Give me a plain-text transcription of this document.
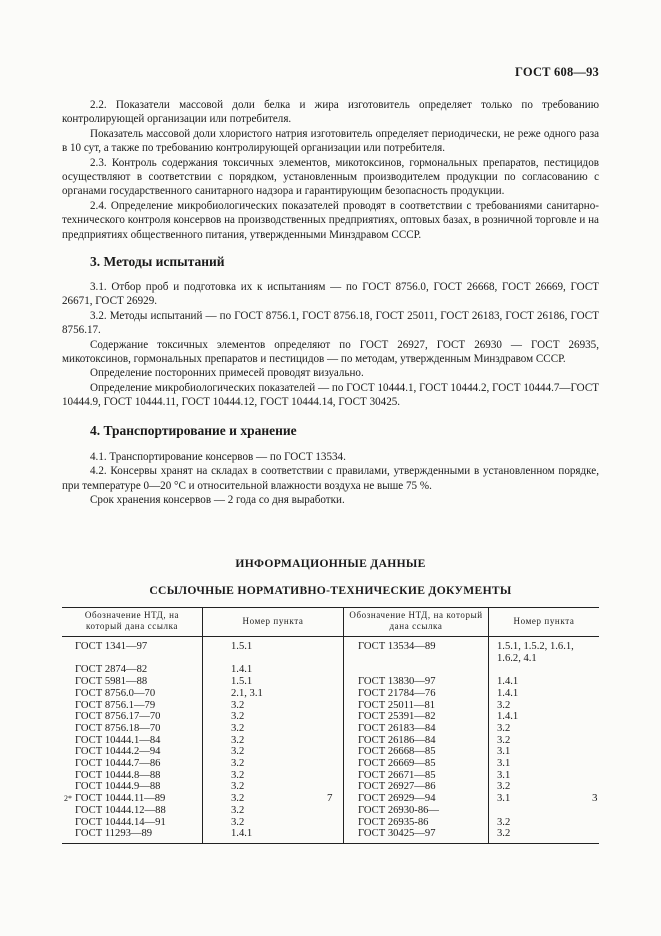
ГОСТ 608—93

2.2. Показатели массовой доли белка и жира изготовитель определяет только по требованию контролирующей организации или потребителя.

Показатель массовой доли хлористого натрия изготовитель определяет периодически, не реже одного раза в 10 сут, а также по требованию контролирующей организации или потребителя.

2.3. Контроль содержания токсичных элементов, микотоксинов, гормональных препаратов, пестицидов осуществляют в соответствии с порядком, установленным производителем продукции по согласованию с органами государственного санитарного надзора и гарантирующим безопасность продукции.

2.4. Определение микробиологических показателей проводят в соответствии с требованиями санитарно-технического контроля консервов на производственных предприятиях, оптовых базах, в розничной торговле и на предприятиях общественного питания, утвержденными Минздравом СССР.

3. Методы испытаний

3.1. Отбор проб и подготовка их к испытаниям — по ГОСТ 8756.0, ГОСТ 26668, ГОСТ 26669, ГОСТ 26671, ГОСТ 26929.

3.2. Методы испытаний — по ГОСТ 8756.1, ГОСТ 8756.18, ГОСТ 25011, ГОСТ 26183, ГОСТ 26186, ГОСТ 8756.17.

Содержание токсичных элементов определяют по ГОСТ 26927, ГОСТ 26930 — ГОСТ 26935, микотоксинов, гормональных препаратов и пестицидов — по методам, утвержденным Минздравом СССР.

Определение посторонних примесей проводят визуально.

Определение микробиологических показателей — по ГОСТ 10444.1, ГОСТ 10444.2, ГОСТ 10444.7—ГОСТ 10444.9, ГОСТ 10444.11, ГОСТ 10444.12, ГОСТ 10444.14, ГОСТ 30425.

4. Транспортирование и хранение

4.1. Транспортирование консервов — по ГОСТ 13534.

4.2. Консервы хранят на складах в соответствии с правилами, утвержденными в установленном порядке, при температуре 0—20 °С и относительной влажности воздуха не выше 75 %.

Срок хранения консервов — 2 года со дня выработки.

ИНФОРМАЦИОННЫЕ ДАННЫЕ
ССЫЛОЧНЫЕ НОРМАТИВНО-ТЕХНИЧЕСКИЕ ДОКУМЕНТЫ
Обозначение НТД, на который дана ссылка	Номер пункта	Обозначение НТД, на который дана ссылка	Номер пункта
ГОСТ 1341—97	1.5.1	ГОСТ 13534—89	1.5.1, 1.5.2, 1.6.1, 1.6.2, 4.1
ГОСТ 2874—82	1.4.1		
ГОСТ 5981—88	1.5.1	ГОСТ 13830—97	1.4.1
ГОСТ 8756.0—70	2.1, 3.1	ГОСТ 21784—76	1.4.1
ГОСТ 8756.1—79	3.2	ГОСТ 25011—81	3.2
ГОСТ 8756.17—70	3.2	ГОСТ 25391—82	1.4.1
ГОСТ 8756.18—70	3.2	ГОСТ 26183—84	3.2
ГОСТ 10444.1—84	3.2	ГОСТ 26186—84	3.2
ГОСТ 10444.2—94	3.2	ГОСТ 26668—85	3.1
ГОСТ 10444.7—86	3.2	ГОСТ 26669—85	3.1
ГОСТ 10444.8—88	3.2	ГОСТ 26671—85	3.1
ГОСТ 10444.9—88	3.2	ГОСТ 26927—86	3.2
ГОСТ 10444.11—89	3.2	ГОСТ 26929—94	3.1
ГОСТ 10444.12—88	3.2	ГОСТ 26930-86—	
ГОСТ 10444.14—91	3.2	ГОСТ 26935-86	3.2
ГОСТ 11293—89	1.4.1	ГОСТ 30425—97	3.2
2*	7	3
